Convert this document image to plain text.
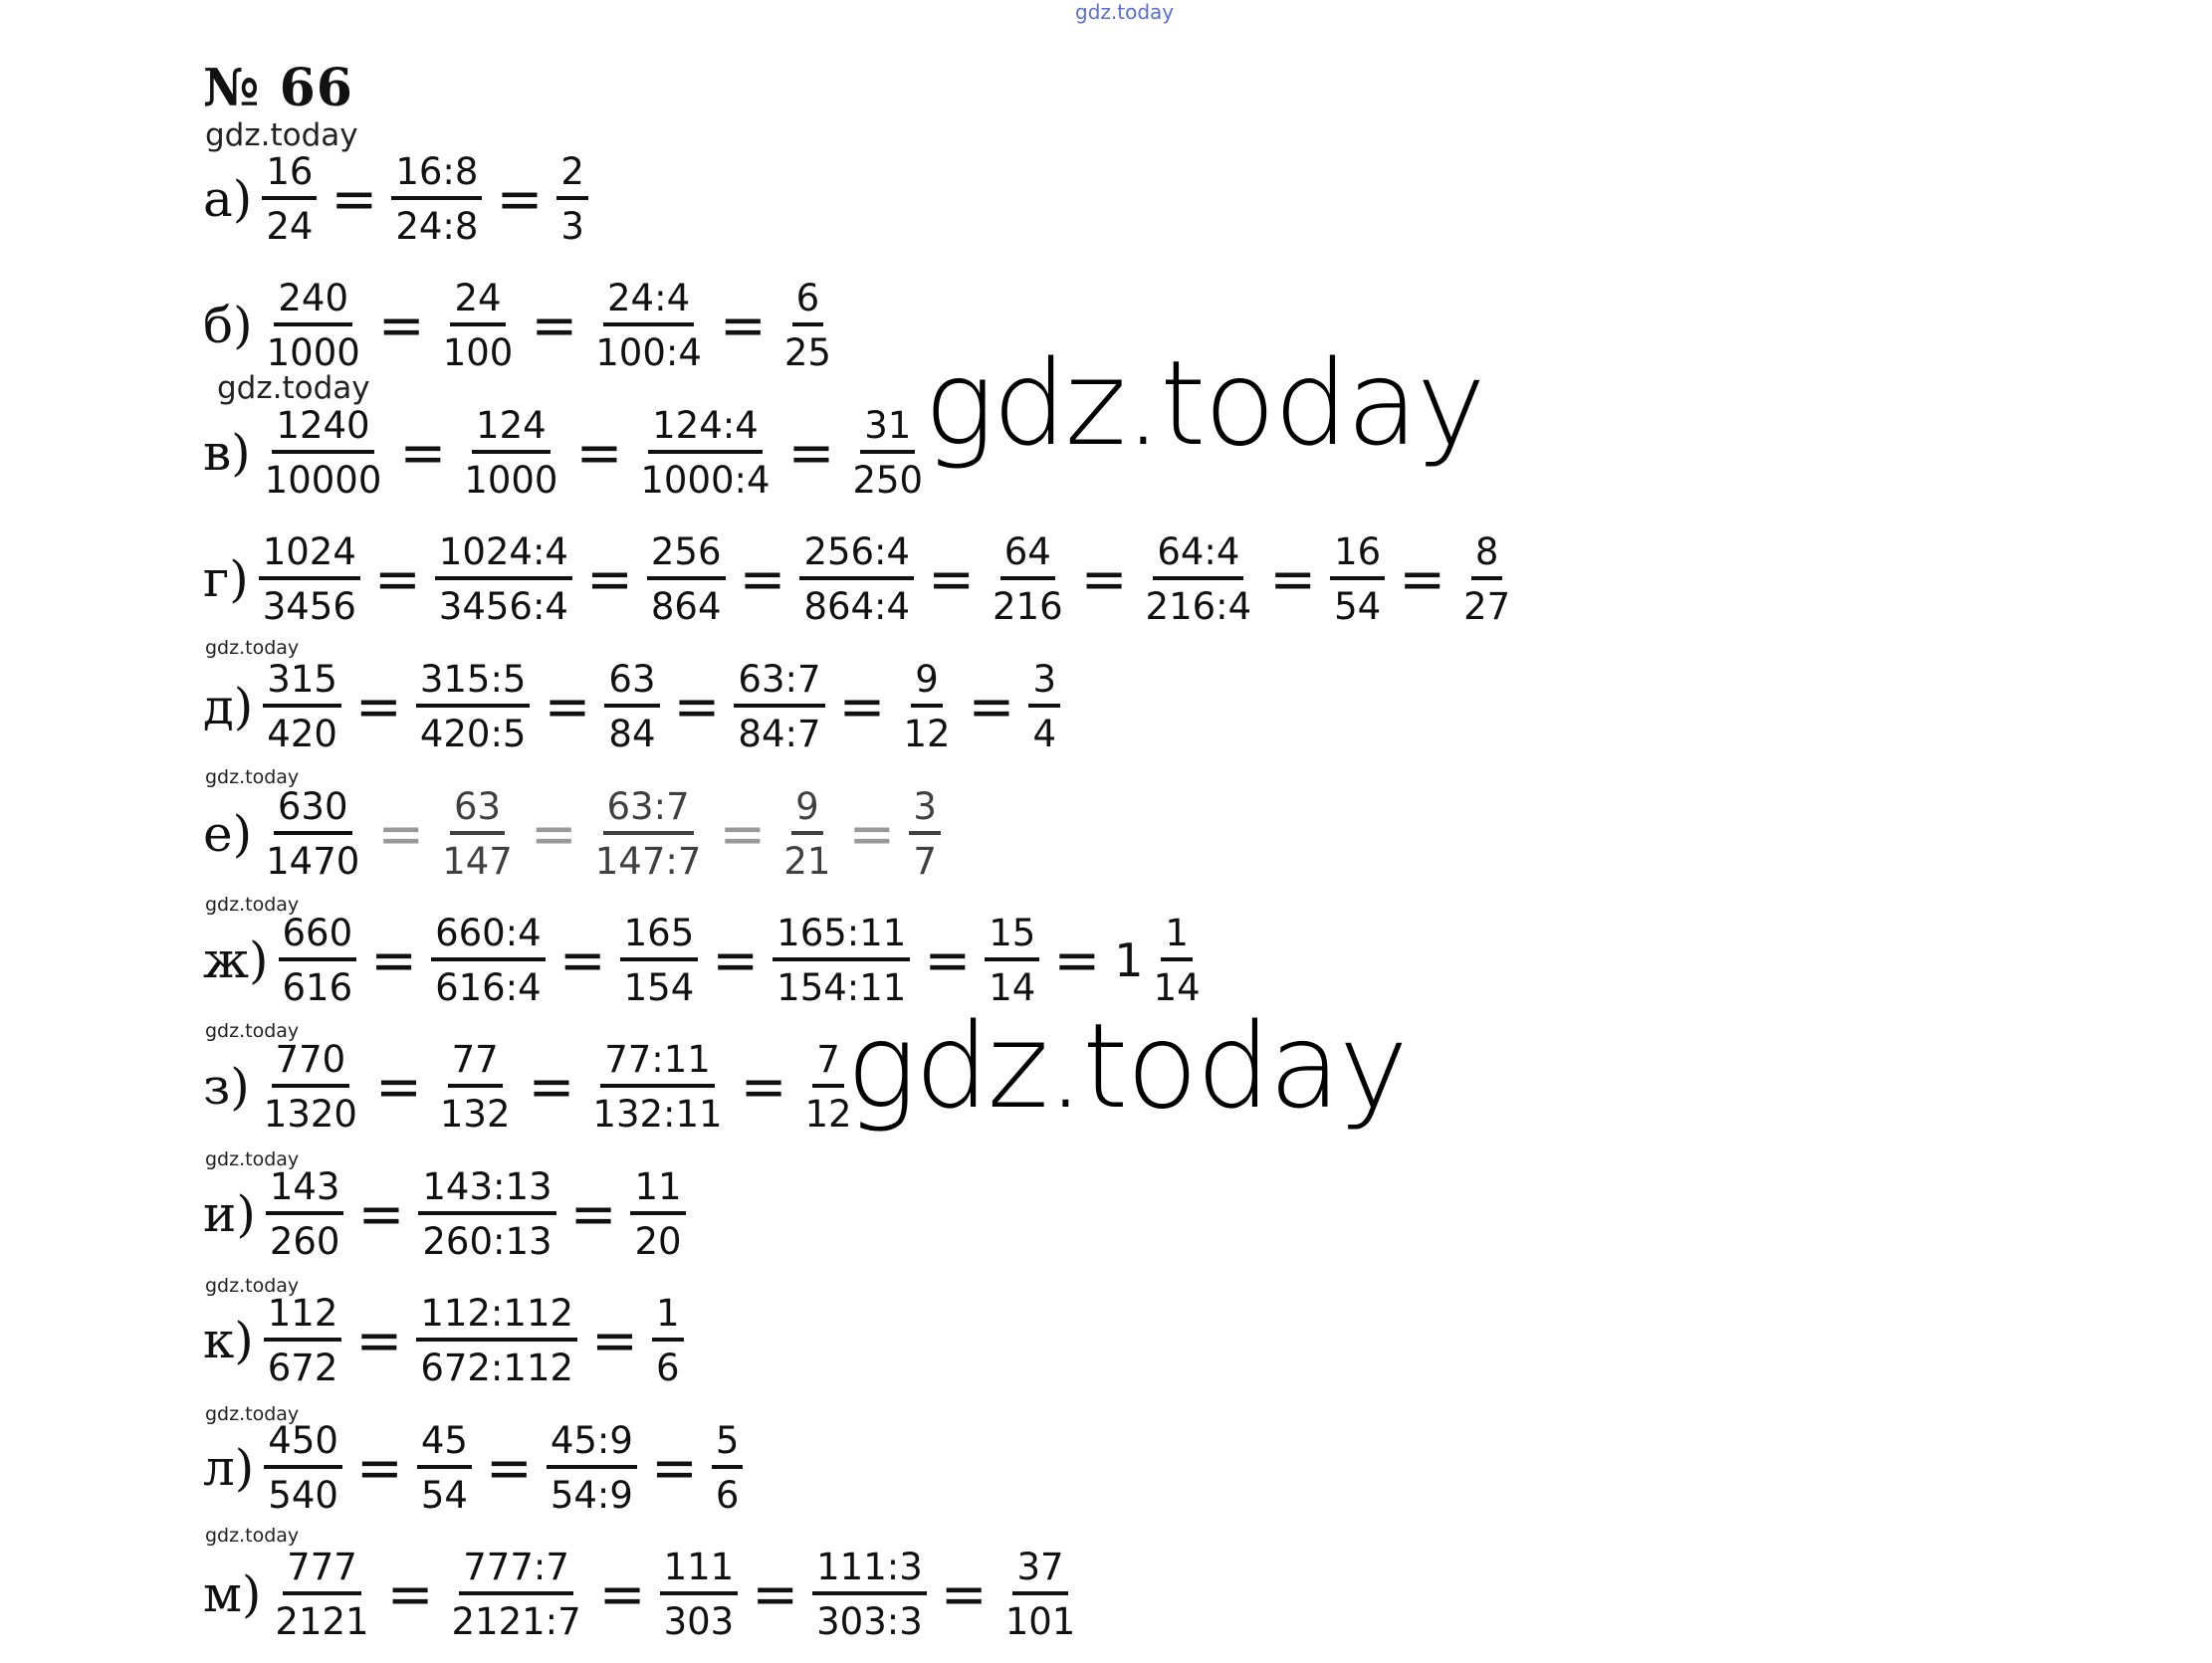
gdz.today
№ 66
gdz.today
gdz.today
gdz.today
gdz.today
gdz.today
gdz.today
gdz.today
gdz.today
gdz.today
gdz.today
gdz.today
gdz.today
$а) \frac{16}{24} = \frac{16:8}{24:8} = \frac{2}{3}$
$б) \frac{240}{1000} = \frac{24}{100} = \frac{24:4}{100:4} = \frac{6}{25}$
$в) \frac{1240}{10000} = \frac{124}{1000} = \frac{124:4}{1000:4} = \frac{31}{250}$
$г) \frac{1024}{3456} = \frac{1024:4}{3456:4} = \frac{256}{864} = \frac{256:4}{864:4} = \frac{64}{216} = \frac{64:4}{216:4} = \frac{16}{54} = \frac{8}{27}$
$д) \frac{315}{420} = \frac{315:5}{420:5} = \frac{63}{84} = \frac{63:7}{84:7} = \frac{9}{12} = \frac{3}{4}$
$е) \frac{630}{1470} = \frac{63}{147} = \frac{63:7}{147:7} = \frac{9}{21} = \frac{3}{7}$
$ж) \frac{660}{616} = \frac{660:4}{616:4} = \frac{165}{154} = \frac{165:11}{154:11} = \frac{15}{14} = 1 \frac{1}{14}$
$з) \frac{770}{1320} = \frac{77}{132} = \frac{77:11}{132:11} = \frac{7}{12}$
$и) \frac{143}{260} = \frac{143:13}{260:13} = \frac{11}{20}$
$к) \frac{112}{672} = \frac{112:112}{672:112} = \frac{1}{6}$
$л) \frac{450}{540} = \frac{45}{54} = \frac{45:9}{54:9} = \frac{5}{6}$
$м) \frac{777}{2121} = \frac{777:7}{2121:7} = \frac{111}{303} = \frac{111:3}{303:3} = \frac{37}{101}$
